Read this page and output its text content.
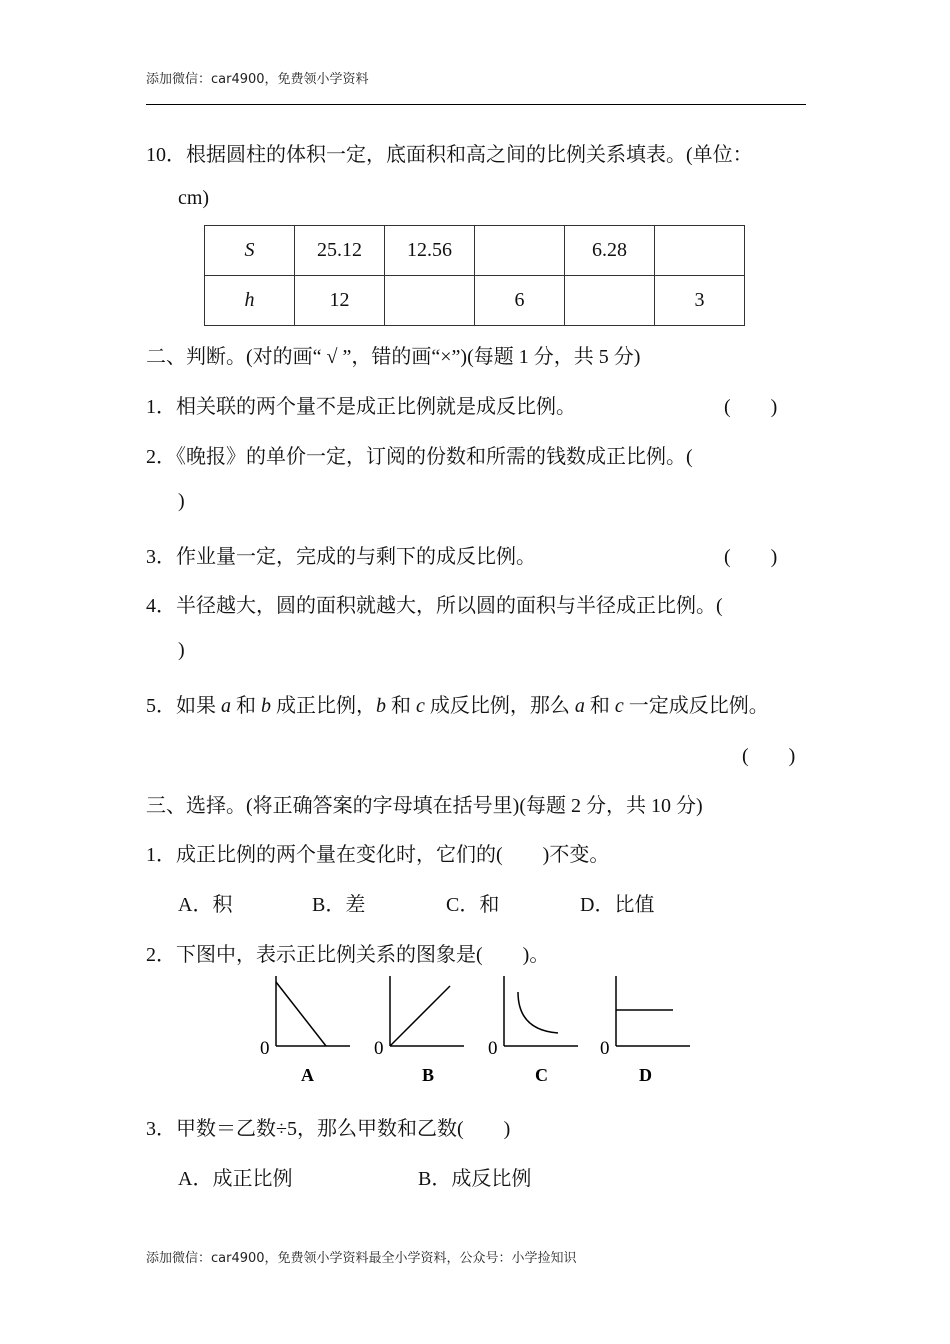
添加微信：car4900，免费领小学资料
10．根据圆柱的体积一定，底面积和高之间的比例关系填表。(单位：
cm)
S	25.12	12.56		6.28	
h	12		6		3
二、判断。(对的画“ √ ”，错的画“×”)(每题 1 分，共 5 分)
1．相关联的两个量不是成正比例就是成反比例。	(　　)
2．《晚报》的单价一定，订阅的份数和所需的钱数成正比例。(
)
3．作业量一定，完成的与剩下的成反比例。	(　　)
4．半径越大，圆的面积就越大，所以圆的面积与半径成正比例。(
)
5．如果 a 和 b 成正比例，b 和 c 成反比例，那么 a 和 c 一定成反比例。
(　　)
三、选择。(将正确答案的字母填在括号里)(每题 2 分，共 10 分)
1．成正比例的两个量在变化时，它们的(　　)不变。
A．积	B．差	C．和	D．比值
2．下图中，表示正比例关系的图象是(　　)。
0	0	0	0
A	B	C	D
3．甲数＝乙数÷5，那么甲数和乙数(　　)
A．成正比例	B．成反比例
添加微信：car4900，免费领小学资料最全小学资料，公众号：小学捡知识
